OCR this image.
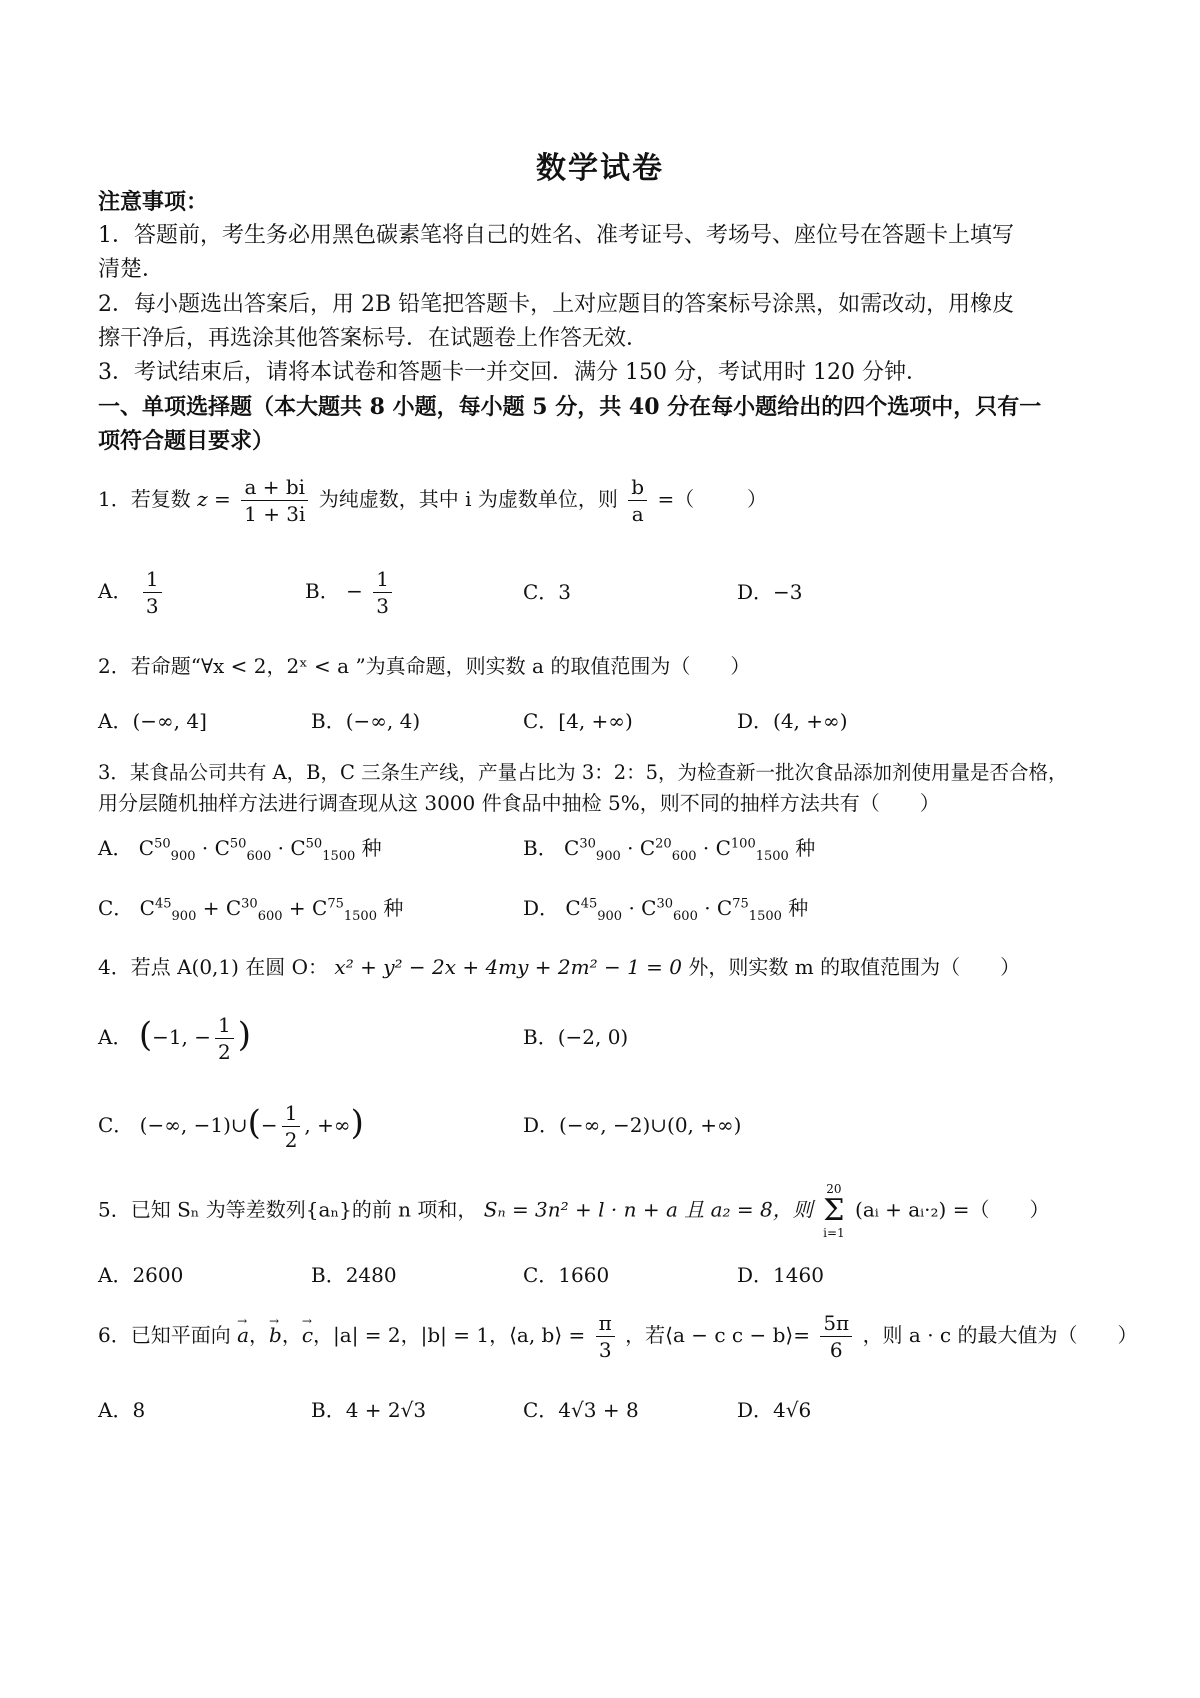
数学试卷
注意事项：
1．答题前，考生务必用黑色碳素笔将自己的姓名、准考证号、考场号、座位号在答题卡上填写
清楚．
2．每小题选出答案后，用 2B 铅笔把答题卡，上对应题目的答案标号涂黑，如需改动，用橡皮
擦干净后，再选涂其他答案标号．在试题卷上作答无效．
3．考试结束后，请将本试卷和答题卡一并交回．满分 150 分，考试用时 120 分钟．
一、单项选择题（本大题共 8 小题，每小题 5 分，共 40 分在每小题给出的四个选项中，只有一
项符合题目要求）
1．若复数 $z = \frac{a + bi}{1 + 3i}$ 为纯虚数，其中 i 为虚数单位，则 $\frac{b}{a}$ =（	）
A． $\frac{1}{3}$	B． − $\frac{1}{3}$	C．3	D．−3
2．若命题“∀x < 2，2ˣ < a ”为真命题，则实数 a 的取值范围为（　　）
A．(−∞, 4]	B．(−∞, 4)	C．[4, +∞)	D．(4, +∞)
3．某食品公司共有 A，B，C 三条生产线，产量占比为 3：2：5，为检查新一批次食品添加剂使用量是否合格，
用分层随机抽样方法进行调查现从这 3000 件食品中抽检 5%，则不同的抽样方法共有（　　）
A． $C^{50}_{900} \cdot C^{50}_{600} \cdot C^{50}_{1500}$ 种	B． $C^{30}_{900} \cdot C^{20}_{600} \cdot C^{100}_{1500}$ 种
C． $C^{45}_{900} + C^{30}_{600} + C^{75}_{1500}$ 种	D． $C^{45}_{900} \cdot C^{30}_{600} \cdot C^{75}_{1500}$ 种
4．若点 A(0,1) 在圆 O： x² + y² − 2x + 4my + 2m² − 1 = 0 外，则实数 m 的取值范围为（　　）
A． (−1, − $\frac{1}{2}$ )	B．(−2, 0)
C． (−∞, −1)∪(− $\frac{1}{2}$ , +∞)	D．(−∞, −2)∪(0, +∞)
5．已知 Sₙ 为等差数列{aₙ}的前 n 项和， Sₙ = 3n² + l · n + a 且 a₂ = 8，则
20
Σ
i=1
(aᵢ + aᵢ·₂) =（　　）
A．2600	B．2480	C．1660	D．1460
6．已知平面向 → a，→ b，→ c，|a| = 2，|b| = 1，⟨a, b⟩ = $\frac{\pi}{3}$ ，若⟨a − c c − b⟩= $\frac{5\pi}{6}$ ，则 a · c 的最大值为（　　）
A．8	B．4 + 2√3	C．4√3 + 8	D．4√6
